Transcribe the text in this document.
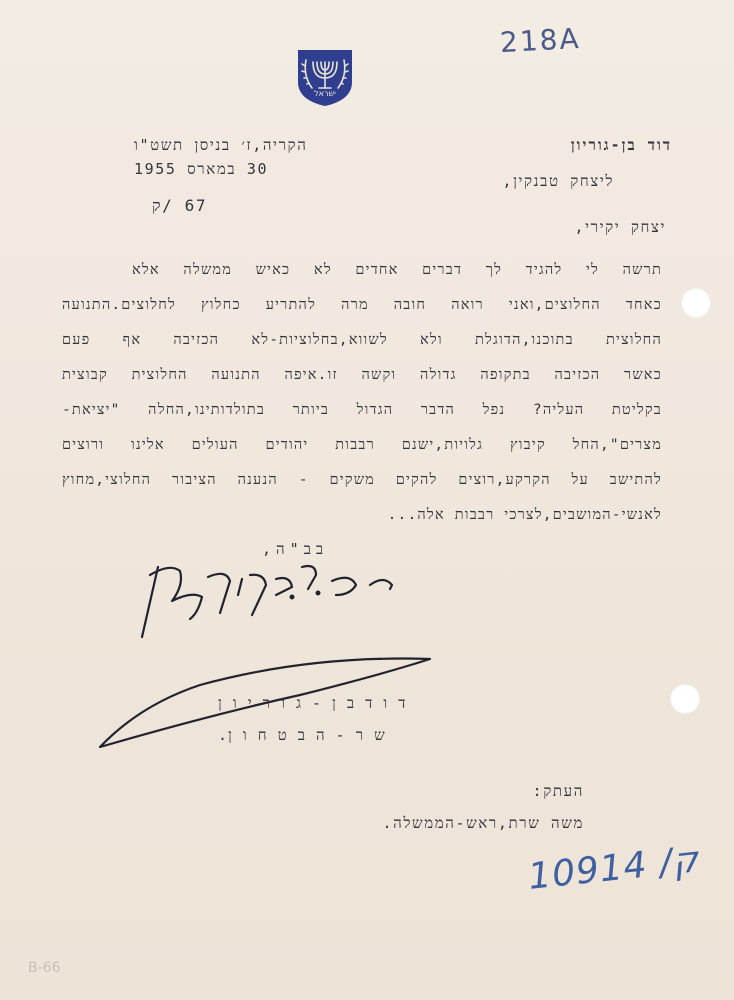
218A
ישראל
דוד בן-גוריון
הקריה,ז׳ בניסן תשט"ו
30 במארס 1955
67 /ק
ליצחק טבנקין,
יצחק יקירי,
תרשה לי להגיד לך דברים אחדים לא כאיש ממשלה אלא
כאחד החלוצים,ואני רואה חובה מרה להתריע כחלוץ לחלוצים.התנועה
החלוצית בתוכנו,הדוגלת ולא לשווא,בחלוציות-לא הכזיבה אף פעם
כאשר הכזיבה בתקופה גדולה וקשה זו.איפה התנועה החלוצית קבוצית
בקליטת העליה? נפל הדבר הגדול ביותר בתולדותינו,החלה "יציאת-
מצרים",החל קיבוץ גלויות,ישנם רבבות יהודים העולים אלינו ורוצים
להתישב על הקרקע,רוצים להקים משקים - הנענה הציבור החלוצי,מחוץ
לאנשי-המושבים,לצרכי רבבות אלה...
בב"ה,
ד ו ד ב ן - ג ו ר י ו ן
ש ר - ה ב ט ח ו ן.
העתק:
משה שרת,ראש-הממשלה.
10914 /ק
B-66
